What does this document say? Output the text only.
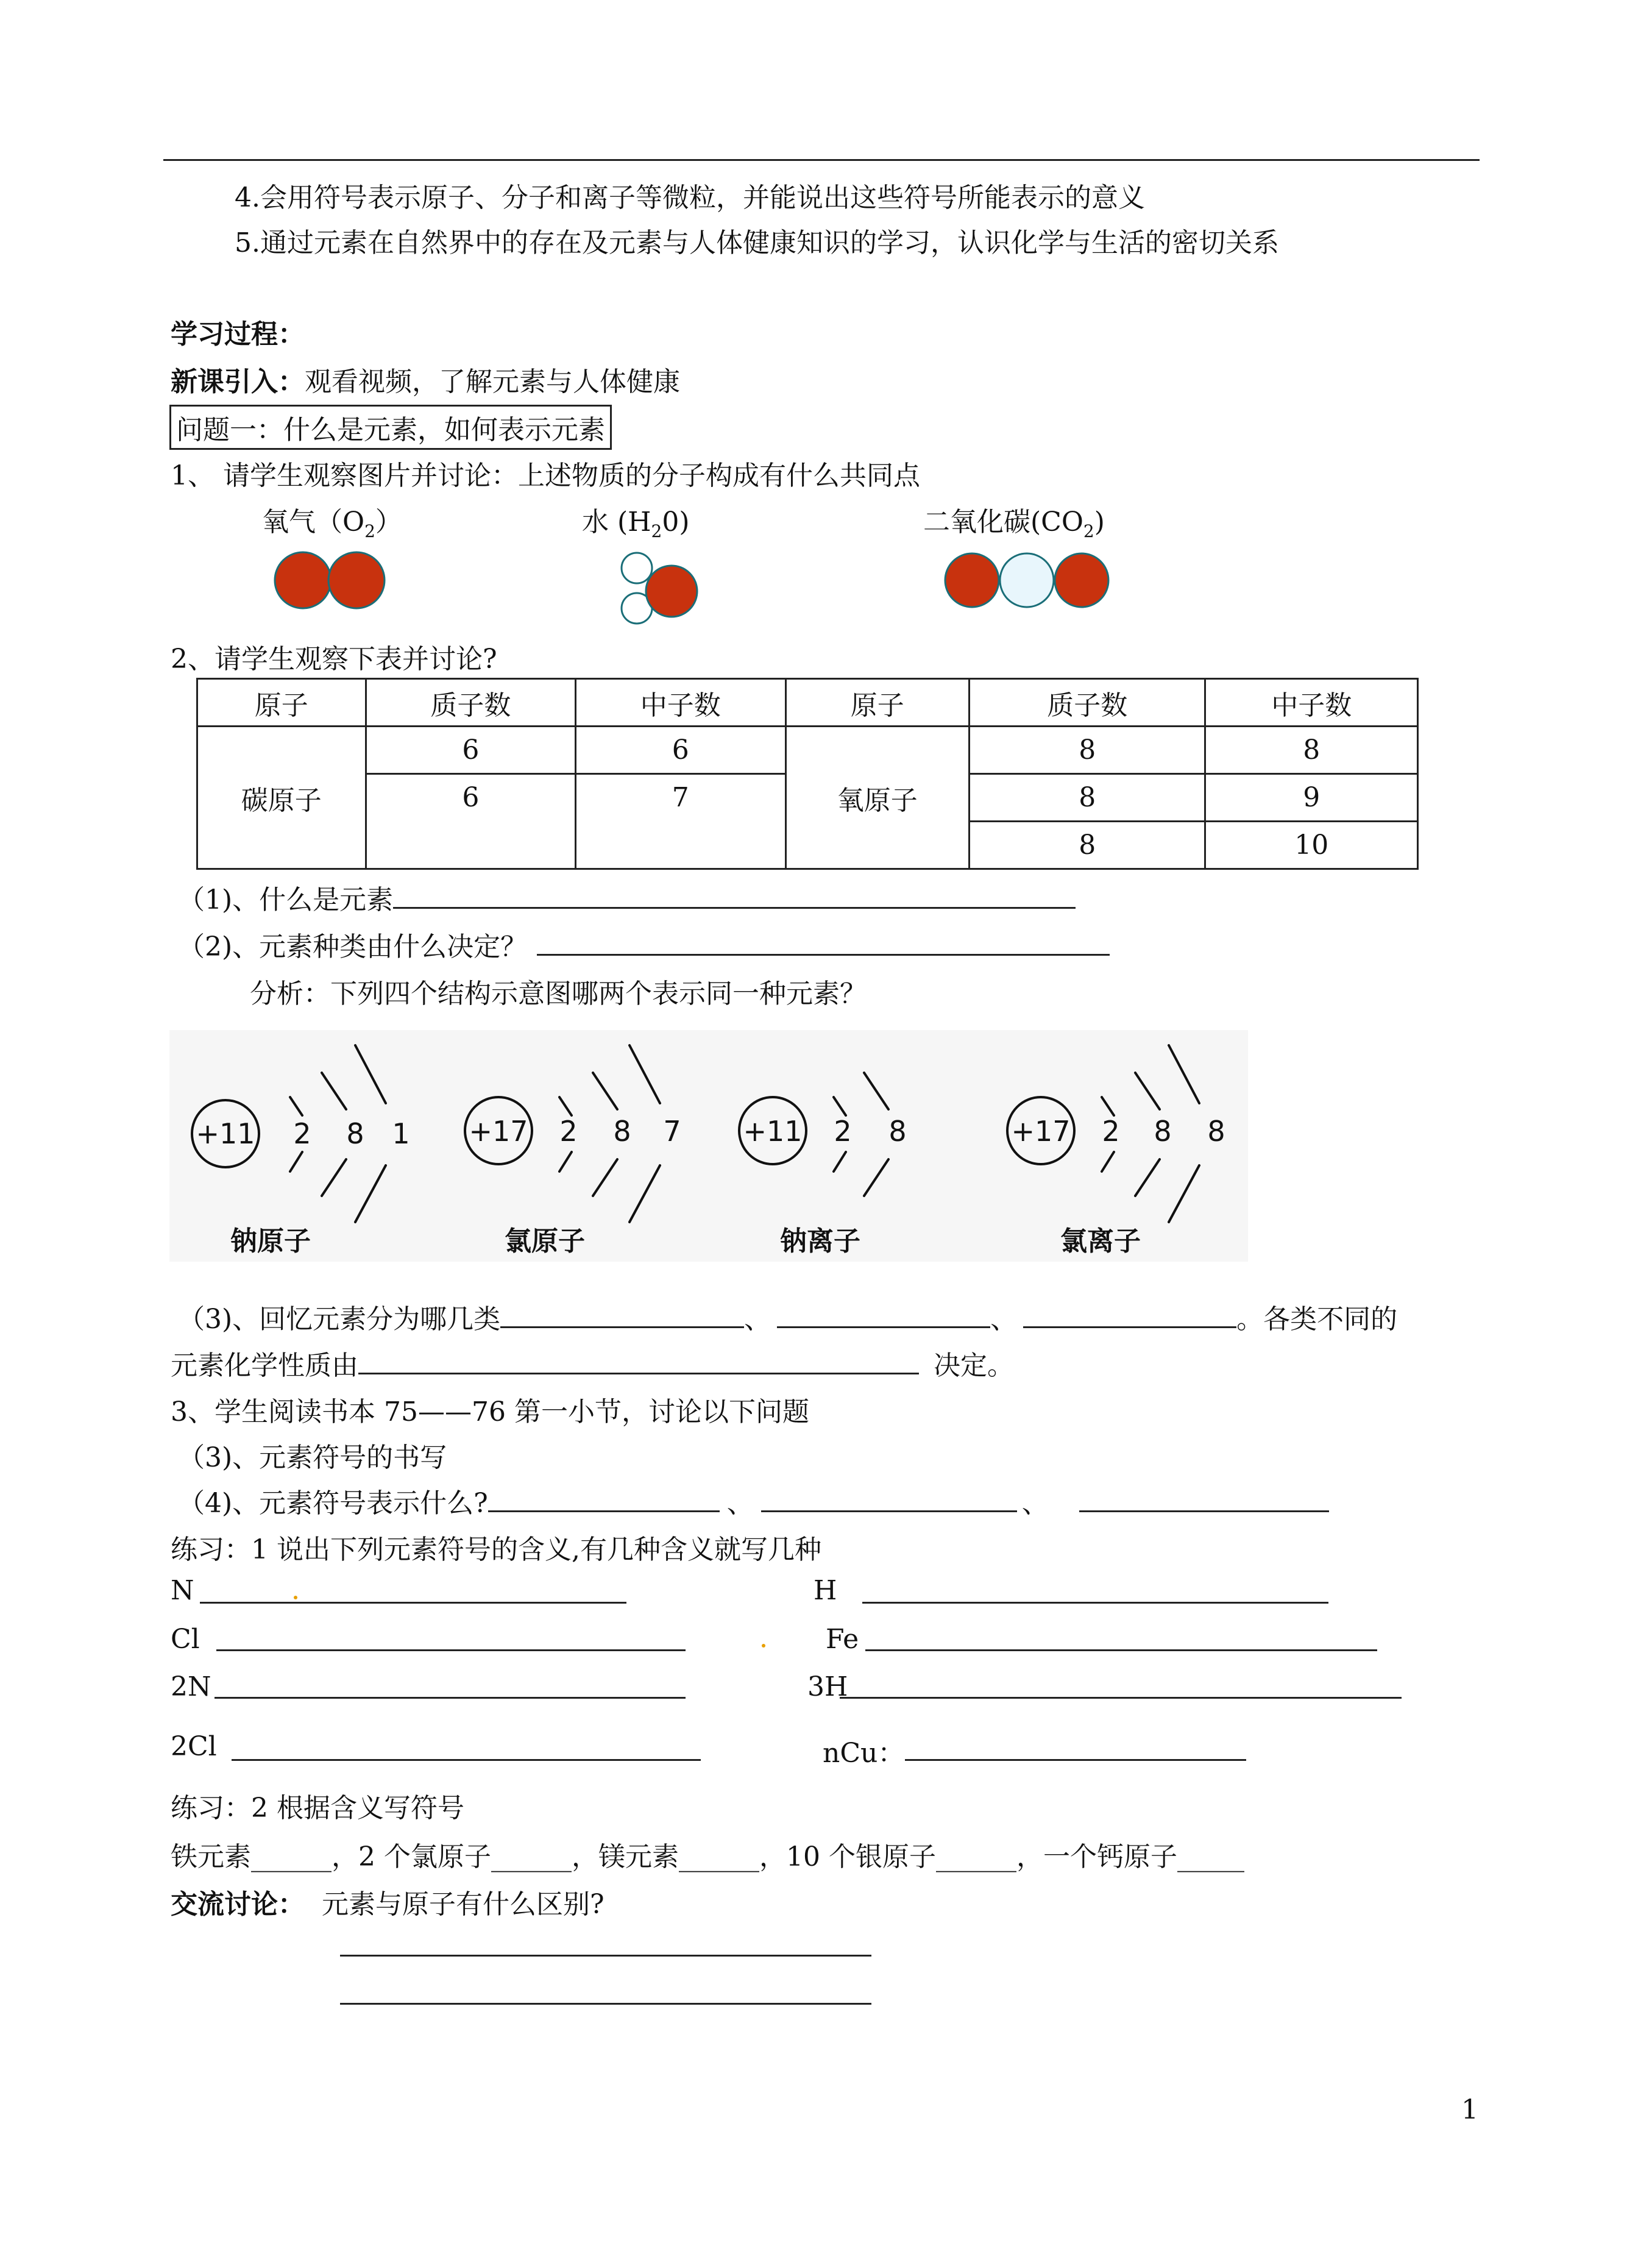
4.会用符号表示原子、分子和离子等微粒，并能说出这些符号所能表示的意义
5.通过元素在自然界中的存在及元素与人体健康知识的学习，认识化学与生活的密切关系
学习过程：
新课引入：观看视频，了解元素与人体健康
问题一：什么是元素，如何表示元素
1、 请学生观察图片并讨论：上述物质的分子构成有什么共同点
氧气$(O_2)$	水 $(H_20)$	二氧化碳$(CO_2)$
2、请学生观察下表并讨论?
原子	质子数	中子数	原子	质子数	中子数
碳原子	6	6	氧原子	8	8
	6	7		8	9
				8	10
（1)、什么是元素
（2)、元素种类由什么决定？
分析：下列四个结构示意图哪两个表示同一种元素？
+11 2 8 1 +17 2 8 7 +11 2 8	+17 2 8 8
钠原子	氯原子	钠离子	氯离子
（3)、回忆元素分为哪几类	、	、	。各类不同的
元素化学性质由	决定。
3、学生阅读书本 75——76 第一小节，讨论以下问题
（3)、元素符号的书写
（4)、元素符号表示什么?	、	、
练习：1 说出下列元素符号的含义,有几种含义就写几种
N	H
Cl	Fe
2N	3H
2Cl	nCu：
练习：2 根据含义写符号
铁元素______，2 个氯原子______，镁元素______，10 个银原子______，一个钙原子_____
交流讨论： 元素与原子有什么区别?
1
